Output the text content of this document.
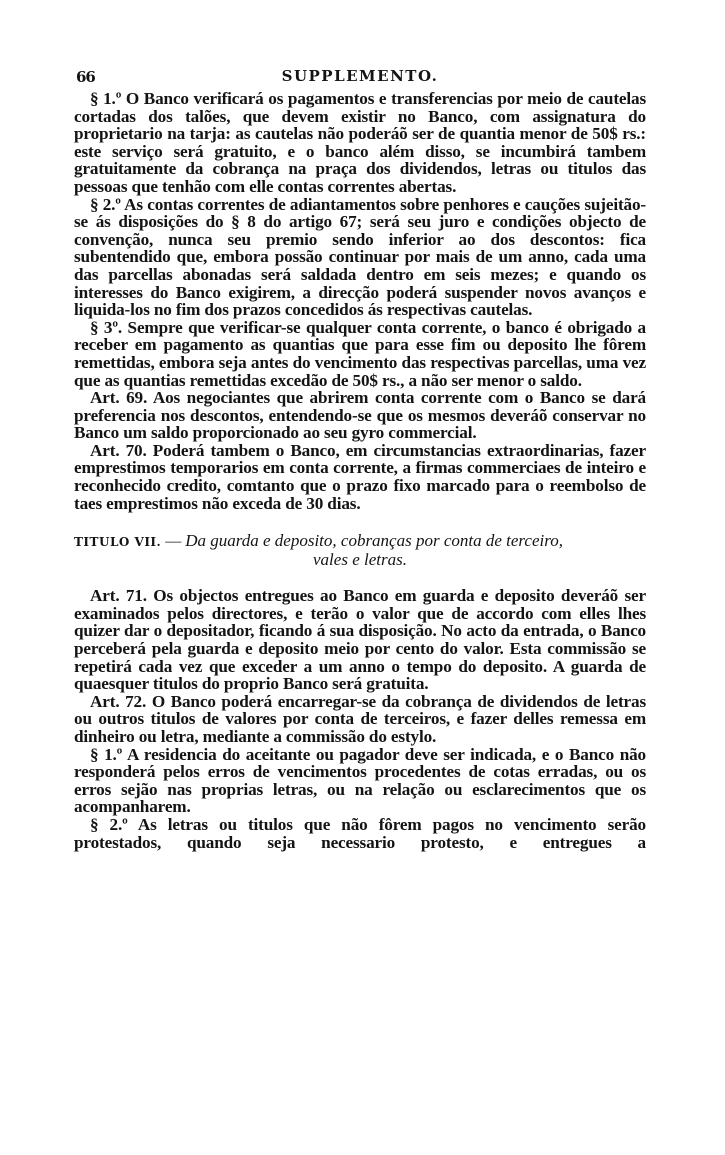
66	SUPPLEMENTO.

§ 1.º O Banco verificará os pagamentos e transferencias por meio de cautelas cortadas dos talões, que devem existir no Banco, com assignatura do proprietario na tarja: as cautelas não poderáõ ser de quantia menor de 50$ rs.: este serviço será gratuito, e o banco além disso, se incumbirá tambem gratuitamente da cobrança na praça dos dividendos, letras ou titulos das pessoas que tenhão com elle contas correntes abertas.

§ 2.º As contas correntes de adiantamentos sobre penhores e cauções sujeitão-se ás disposições do § 8 do artigo 67; será seu juro e condições objecto de convenção, nunca seu premio sendo inferior ao dos descontos: fica subentendido que, embora possão continuar por mais de um anno, cada uma das parcellas abonadas será saldada dentro em seis mezes; e quando os interesses do Banco exigirem, a direcção poderá suspender novos avanços e liquida-los no fim dos prazos concedidos ás respectivas cautelas.

§ 3º. Sempre que verificar-se qualquer conta corrente, o banco é obrigado a receber em pagamento as quantias que para esse fim ou deposito lhe fôrem remettidas, embora seja antes do vencimento das respectivas parcellas, uma vez que as quantias remettidas excedão de 50$ rs., a não ser menor o saldo.

Art. 69. Aos negociantes que abrirem conta corrente com o Banco se dará preferencia nos descontos, entendendo-se que os mesmos deveráõ conservar no Banco um saldo proporcionado ao seu gyro commercial.

Art. 70. Poderá tambem o Banco, em circumstancias extraordinarias, fazer emprestimos temporarios em conta corrente, a firmas commerciaes de inteiro e reconhecido credito, comtanto que o prazo fixo marcado para o reembolso de taes emprestimos não exceda de 30 dias.

TITULO VII. — Da guarda e deposito, cobranças por conta de terceiro,
vales e letras.

Art. 71. Os objectos entregues ao Banco em guarda e deposito deveráõ ser examinados pelos directores, e terão o valor que de accordo com elles lhes quizer dar o depositador, ficando á sua disposição. No acto da entrada, o Banco perceberá pela guarda e deposito meio por cento do valor. Esta commissão se repetirá cada vez que exceder a um anno o tempo do deposito. A guarda de quaesquer titulos do proprio Banco será gratuita.

Art. 72. O Banco poderá encarregar-se da cobrança de dividendos de letras ou outros titulos de valores por conta de terceiros, e fazer delles remessa em dinheiro ou letra, mediante a commissão do estylo.

§ 1.º A residencia do aceitante ou pagador deve ser indicada, e o Banco não responderá pelos erros de vencimentos procedentes de cotas erradas, ou os erros sejão nas proprias letras, ou na relação ou esclarecimentos que os acompanharem.

§ 2.º As letras ou titulos que não fôrem pagos no vencimento serão protestados, quando seja necessario protesto, e entregues a
